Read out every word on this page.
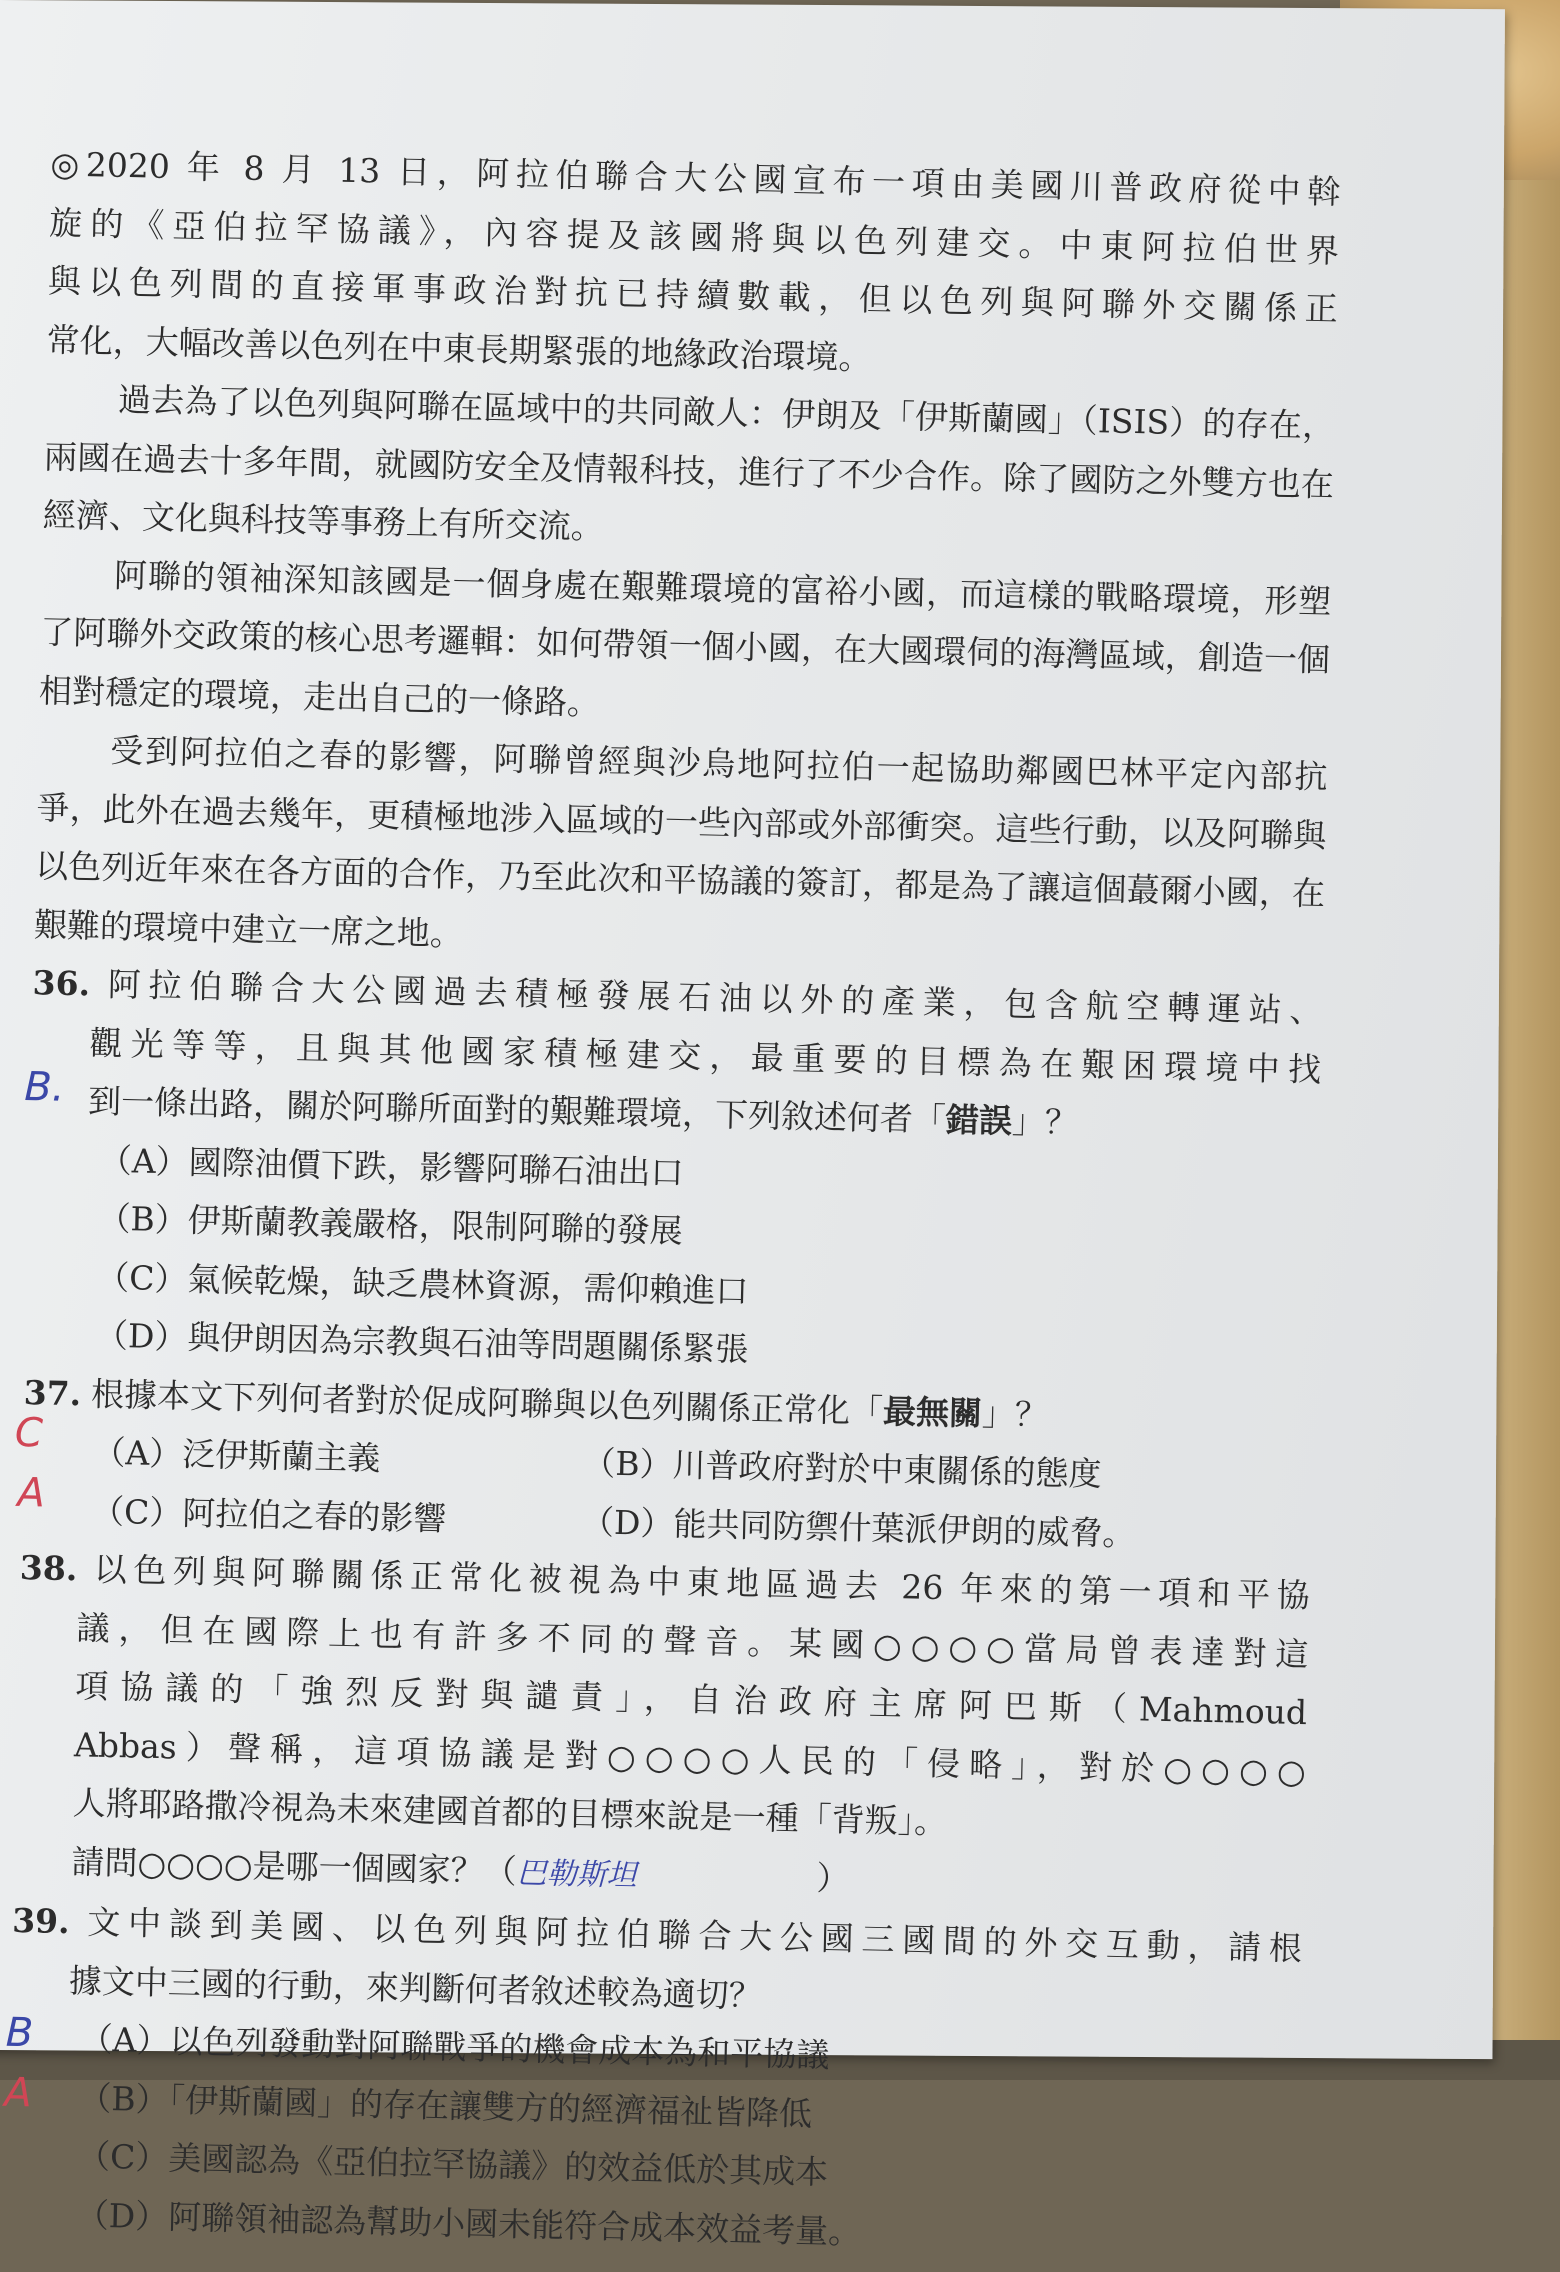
◎2020 年 8 月 13 日，阿拉伯聯合大公國宣布一項由美國川普政府從中斡
旋的《亞伯拉罕協議》，內容提及該國將與以色列建交。中東阿拉伯世界
與以色列間的直接軍事政治對抗已持續數載，但以色列與阿聯外交關係正
常化，大幅改善以色列在中東長期緊張的地緣政治環境。
過去為了以色列與阿聯在區域中的共同敵人：伊朗及「伊斯蘭國」（ISIS）的存在，兩國在過去十多年間，就國防安全及情報科技，進行了不少合作。除了國防之外雙方也在經濟、文化與科技等事務上有所交流。
阿聯的領袖深知該國是一個身處在艱難環境的富裕小國，而這樣的戰略環境，形塑了阿聯外交政策的核心思考邏輯：如何帶領一個小國，在大國環伺的海灣區域，創造一個相對穩定的環境，走出自己的一條路。
受到阿拉伯之春的影響，阿聯曾經與沙烏地阿拉伯一起協助鄰國巴林平定內部抗爭，此外在過去幾年，更積極地涉入區域的一些內部或外部衝突。這些行動，以及阿聯與以色列近年來在各方面的合作，乃至此次和平協議的簽訂，都是為了讓這個蕞爾小國，在艱難的環境中建立一席之地。
36. 阿拉伯聯合大公國過去積極發展石油以外的產業，包含航空轉運站、
觀光等等，且與其他國家積極建交，最重要的目標為在艱困環境中找
到一條出路，關於阿聯所面對的艱難環境，下列敘述何者「錯誤」？
B.
（A）國際油價下跌，影響阿聯石油出口
（B）伊斯蘭教義嚴格，限制阿聯的發展
（C）氣候乾燥，缺乏農林資源，需仰賴進口
（D）與伊朗因為宗教與石油等問題關係緊張
37. 根據本文下列何者對於促成阿聯與以色列關係正常化「最無關」？
（A）泛伊斯蘭主義	（B）川普政府對於中東關係的態度
（C）阿拉伯之春的影響	（D）能共同防禦什葉派伊朗的威脅。
C
A
38. 以色列與阿聯關係正常化被視為中東地區過去 26 年來的第一項和平協
議，但在國際上也有許多不同的聲音。某國○○○○當局曾表達對這
項協議的「強烈反對與譴責」，自治政府主席阿巴斯（Mahmoud
Abbas）聲稱，這項協議是對○○○○人民的「侵略」，對於○○○○
人將耶路撒冷視為未來建國首都的目標來說是一種「背叛」。
請問○○○○是哪一個國家？（巴勒斯坦	）
39. 文中談到美國、以色列與阿拉伯聯合大公國三國間的外交互動，請根
據文中三國的行動，來判斷何者敘述較為適切？
（A）以色列發動對阿聯戰爭的機會成本為和平協議
（B）「伊斯蘭國」的存在讓雙方的經濟福祉皆降低
（C）美國認為《亞伯拉罕協議》的效益低於其成本
（D）阿聯領袖認為幫助小國未能符合成本效益考量。
B
A
